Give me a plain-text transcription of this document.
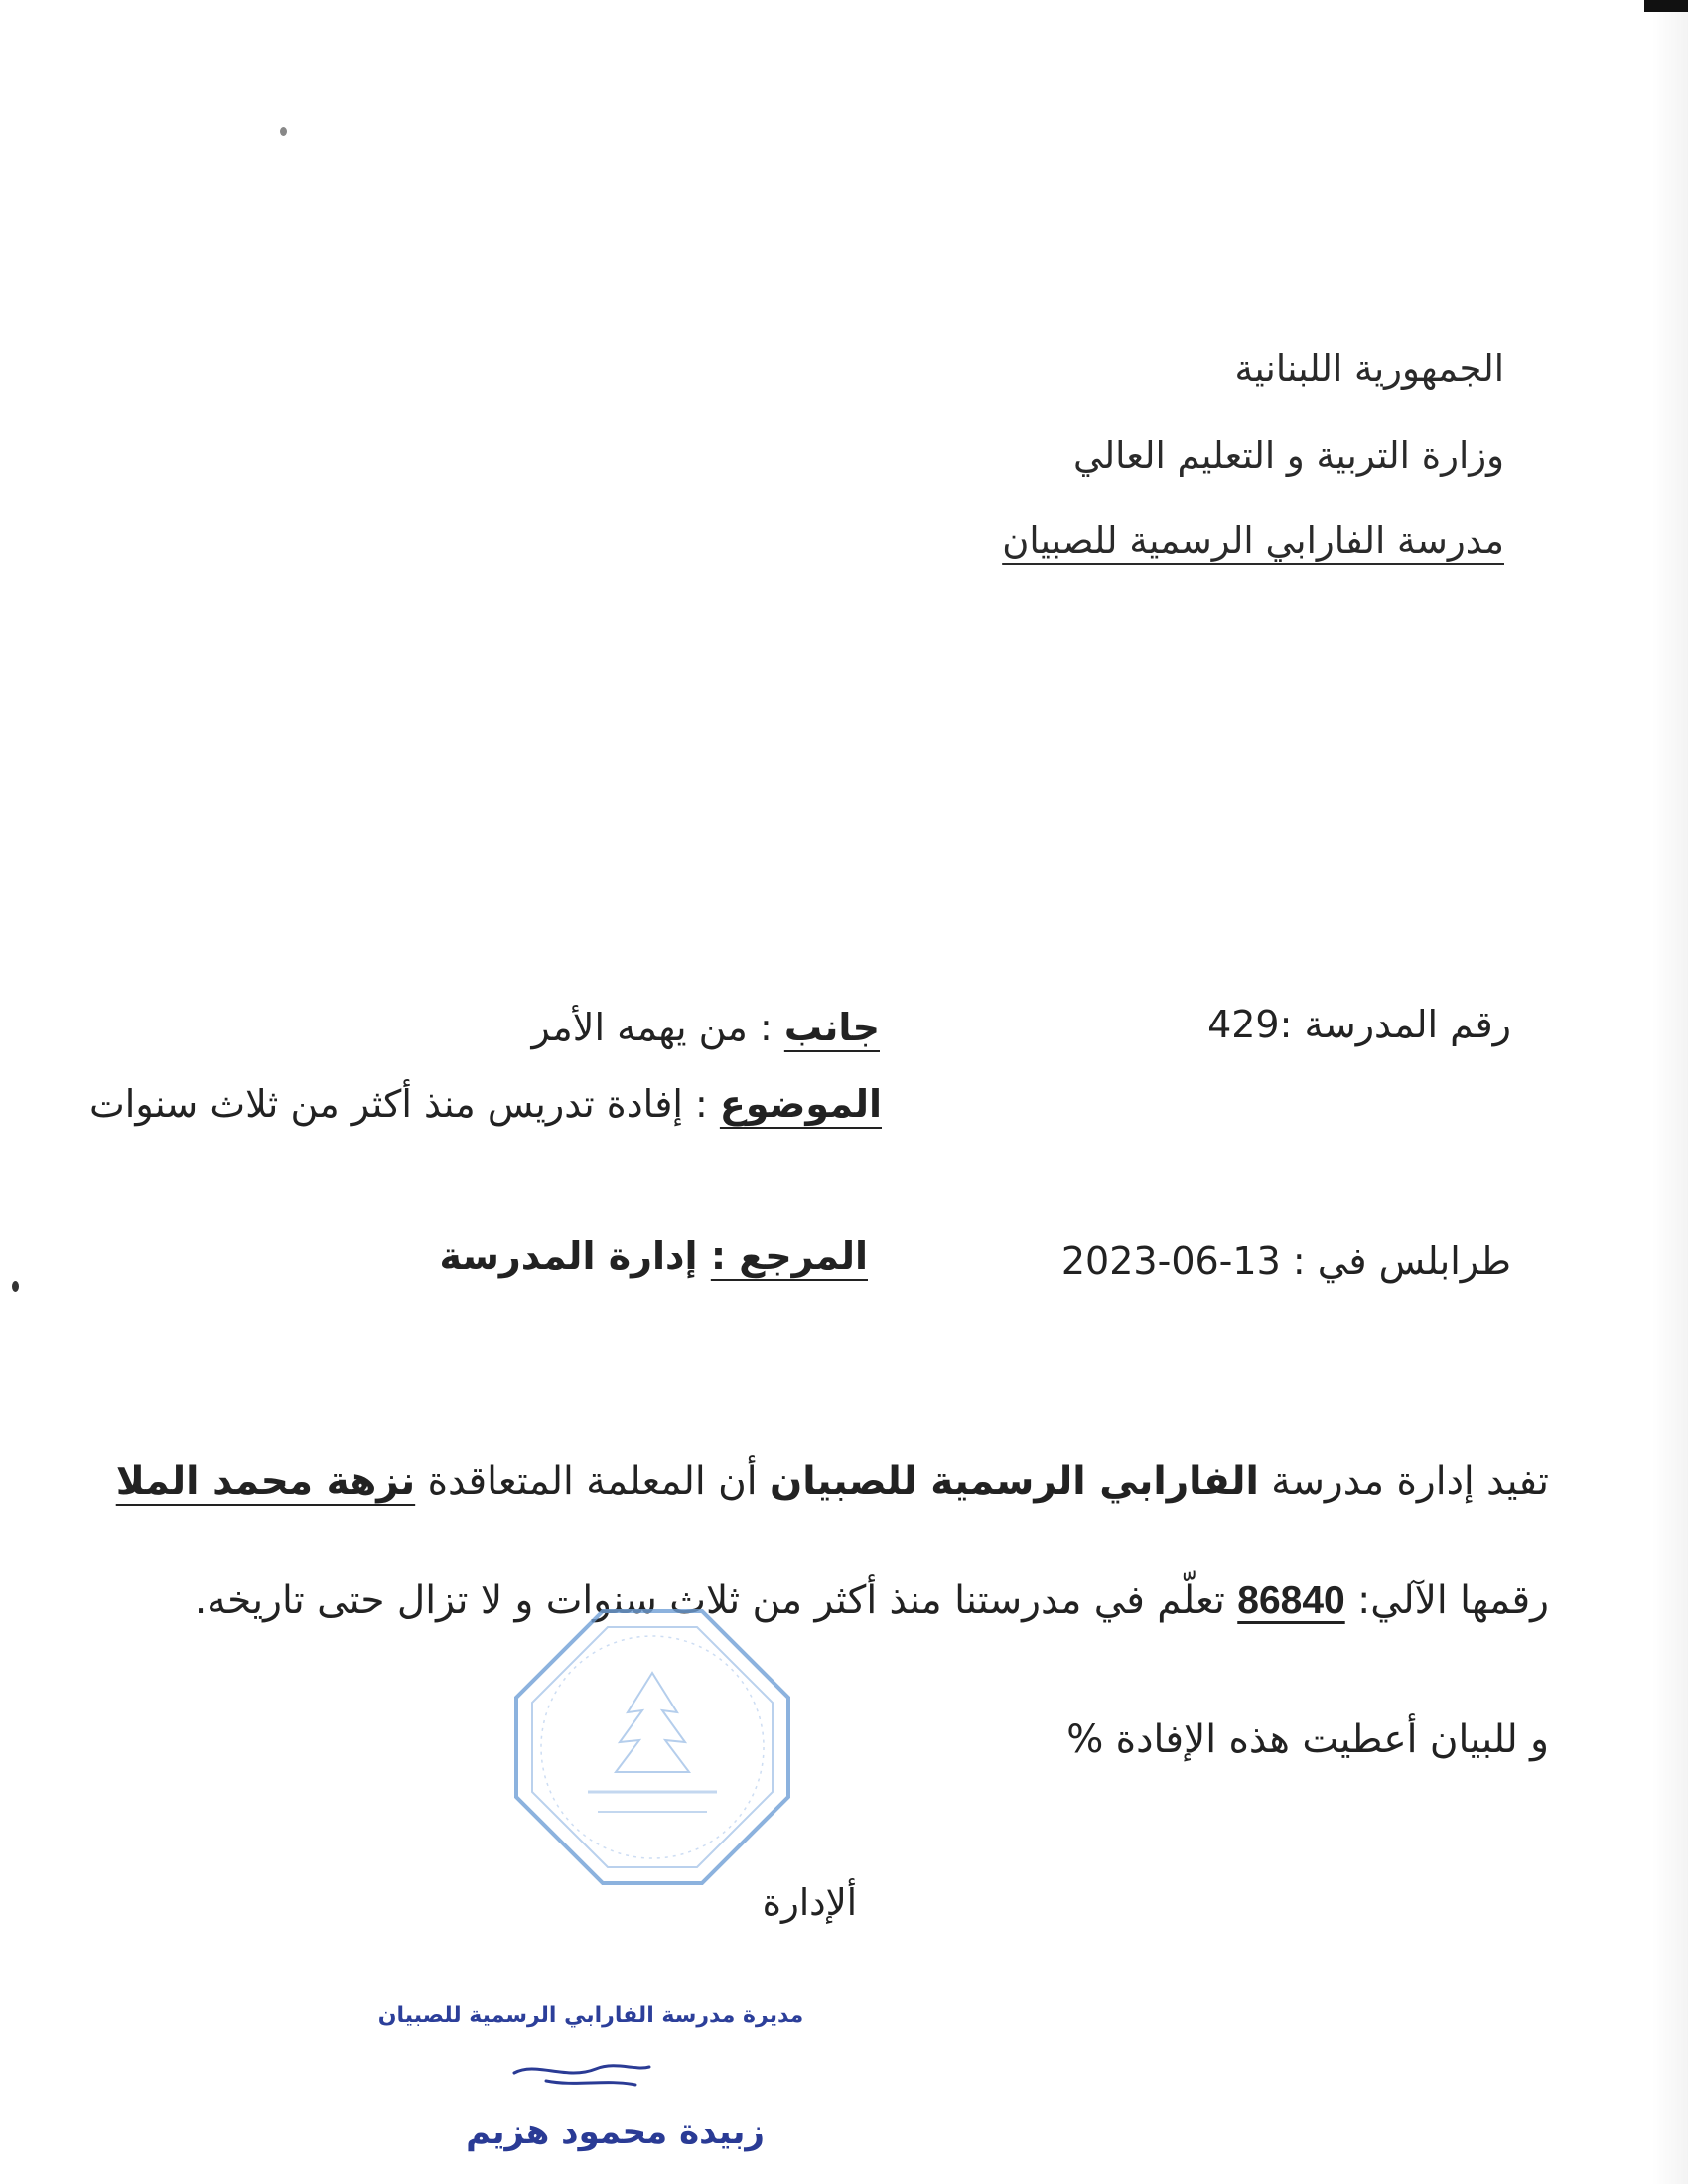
الجمهورية اللبنانية
وزارة التربية و التعليم العالي
مدرسة الفارابي الرسمية للصبيان
رقم المدرسة :429
جانب : من يهمه الأمر
الموضوع : إفادة تدريس منذ أكثر من ثلاث سنوات
طرابلس في : 13-06-2023
المرجع : إدارة المدرسة
تفيد إدارة مدرسة الفارابي الرسمية للصبيان أن المعلمة المتعاقدة نزهة محمد الملا
رقمها الآلي: 86840 تعلّم في مدرستنا منذ أكثر من ثلاث سنوات و لا تزال حتى تاريخه.
و للبيان أعطيت هذه الإفادة %
ألإدارة
مديرة مدرسة الفارابي الرسمية للصبيان
زبيدة محمود هزيم
